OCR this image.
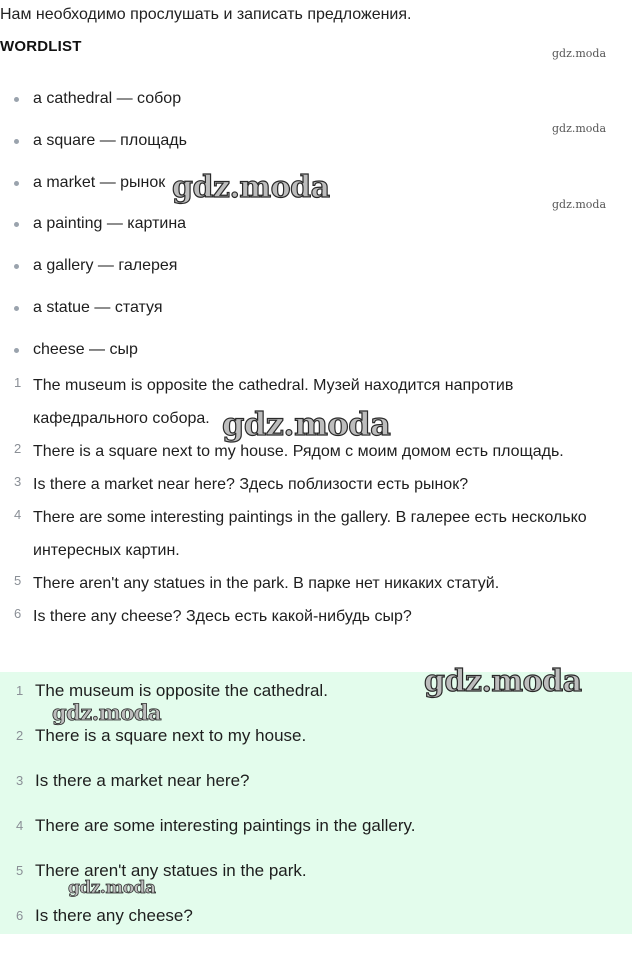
Нам необходимо прослушать и записать предложения.
WORDLIST
a cathedral — собор
a square — площадь
a market — рынок
a painting — картина
a gallery — галерея
a statue — статуя
cheese — сыр
1 The museum is opposite the cathedral. Музей находится напротив кафедрального собора.
2 There is a square next to my house. Рядом с моим домом есть площадь.
3 Is there a market near here? Здесь поблизости есть рынок?
4 There are some interesting paintings in the gallery. В галерее есть несколько интересных картин.
5 There aren't any statues in the park. В парке нет никаких статуй.
6 Is there any cheese? Здесь есть какой-нибудь сыр?
1 The museum is opposite the cathedral.
2 There is a square next to my house.
3 Is there a market near here?
4 There are some interesting paintings in the gallery.
5 There aren't any statues in the park.
6 Is there any cheese?
gdz.moda
gdz.moda
gdz.moda
gdz.moda
gdz.moda
gdz.moda
gdz.moda
gdz.moda
